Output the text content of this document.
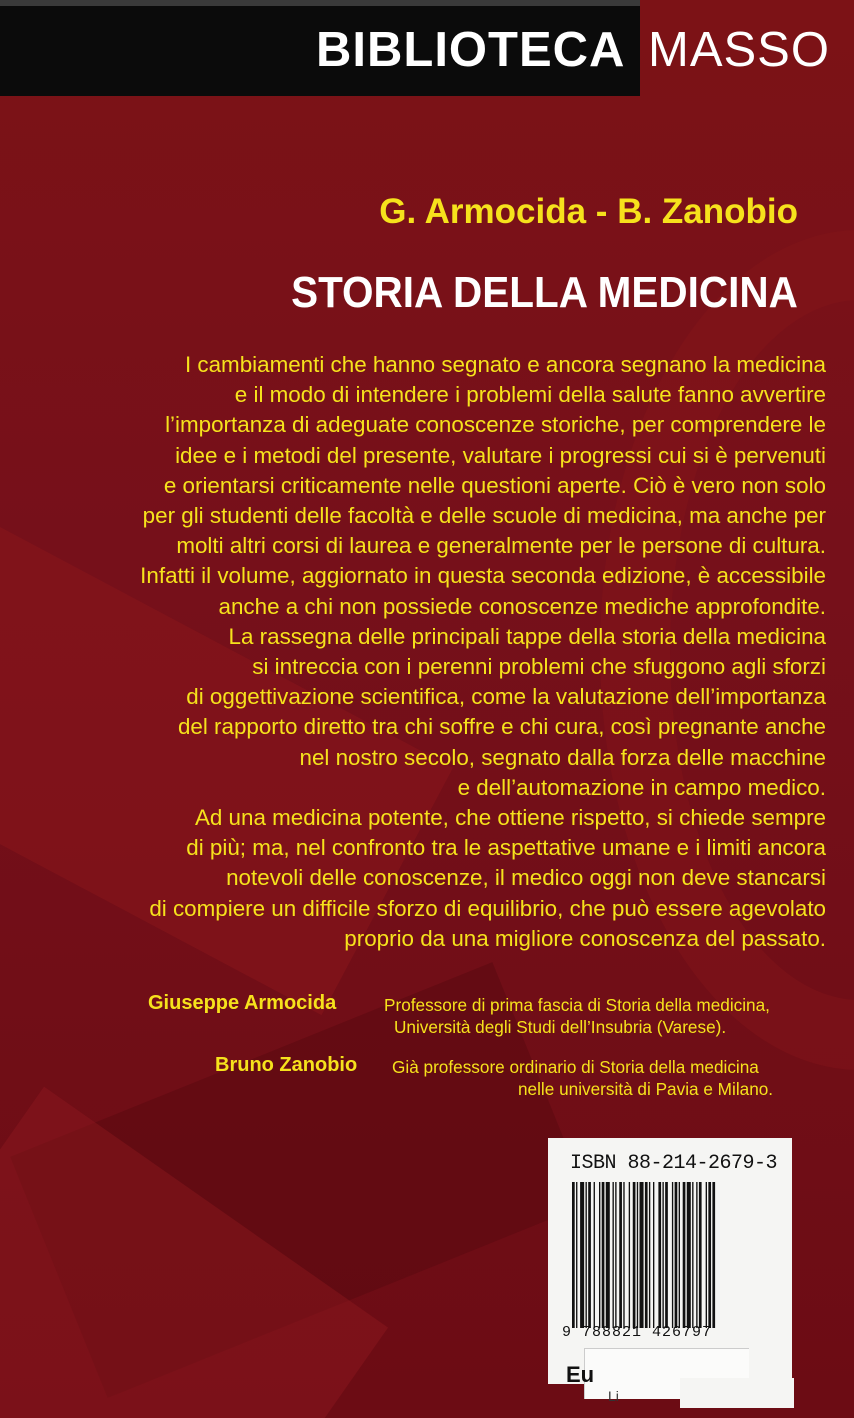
BIBLIOTECA MASSO
G. Armocida - B. Zanobio
STORIA DELLA MEDICINA
I cambiamenti che hanno segnato e ancora segnano la medicina
e il modo di intendere i problemi della salute fanno avvertire
l’importanza di adeguate conoscenze storiche, per comprendere le
idee e i metodi del presente, valutare i progressi cui si è pervenuti
e orientarsi criticamente nelle questioni aperte. Ciò è vero non solo
per gli studenti delle facoltà e delle scuole di medicina, ma anche per
molti altri corsi di laurea e generalmente per le persone di cultura.
Infatti il volume, aggiornato in questa seconda edizione, è accessibile
anche a chi non possiede conoscenze mediche approfondite.
La rassegna delle principali tappe della storia della medicina
si intreccia con i perenni problemi che sfuggono agli sforzi
di oggettivazione scientifica, come la valutazione dell’importanza
del rapporto diretto tra chi soffre e chi cura, così pregnante anche
nel nostro secolo, segnato dalla forza delle macchine
e dell’automazione in campo medico.
Ad una medicina potente, che ottiene rispetto, si chiede sempre
di più; ma, nel confronto tra le aspettative umane e i limiti ancora
notevoli delle conoscenze, il medico oggi non deve stancarsi
di compiere un difficile sforzo di equilibrio, che può essere agevolato
proprio da una migliore conoscenza del passato.
Giuseppe Armocida	Professore di prima fascia di Storia della medicina,
Università degli Studi dell’Insubria (Varese).
Bruno Zanobio Già professore ordinario di Storia della medicina
nelle università di Pavia e Milano.
ISBN 88-214-2679-3
9 788821 426797
Eu
Li
